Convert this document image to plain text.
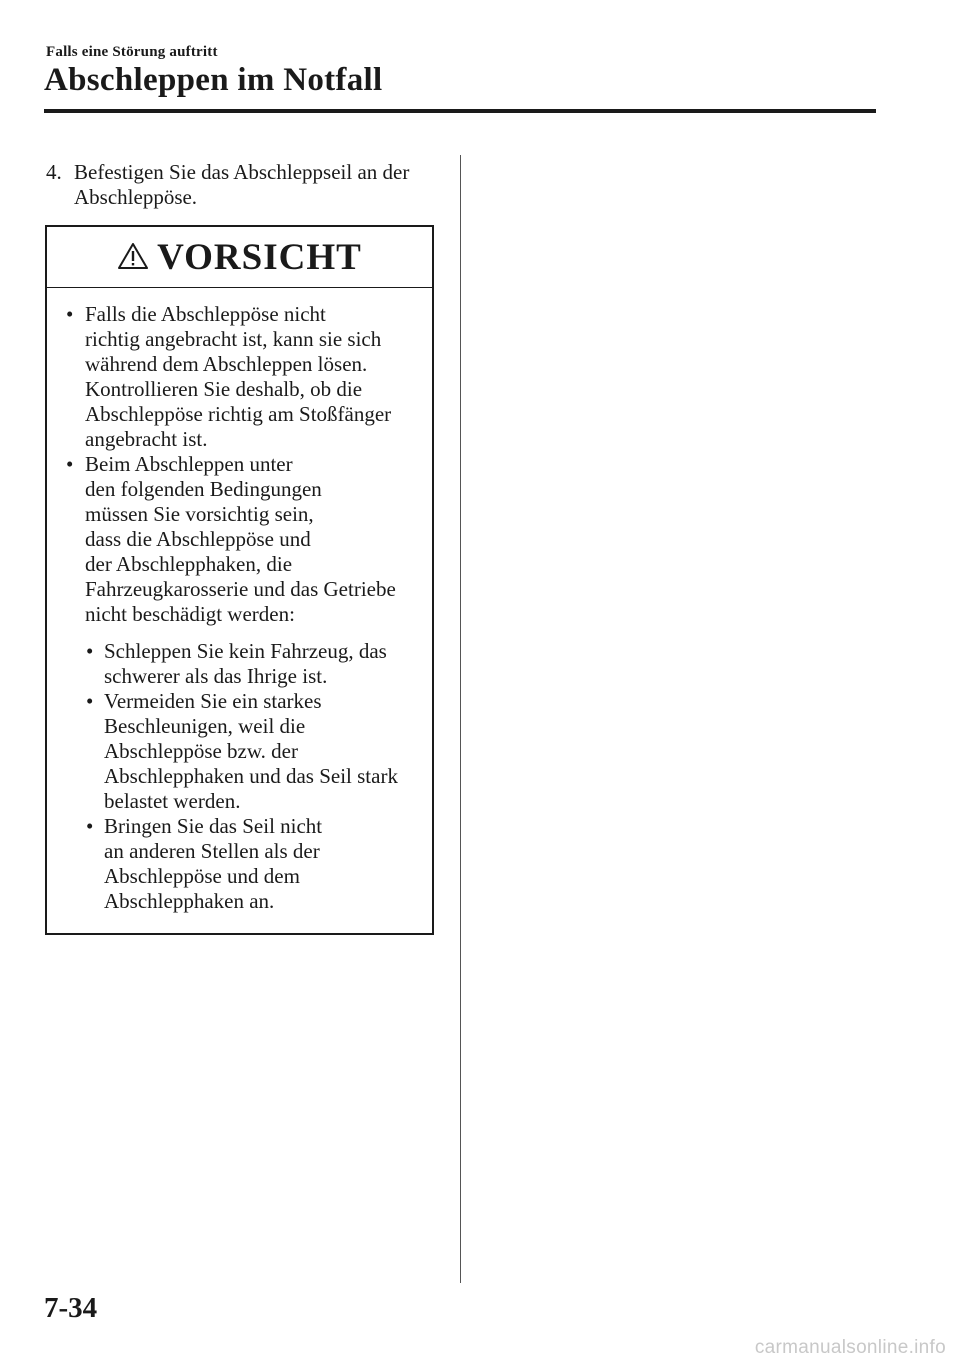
Falls eine Störung auftritt
Abschleppen im Notfall
4. Befestigen Sie das Abschleppseil an der
Abschleppöse.
VORSICHT
• Falls die Abschleppöse nicht
richtig angebracht ist, kann sie sich
während dem Abschleppen lösen.
Kontrollieren Sie deshalb, ob die
Abschleppöse richtig am Stoßfänger
angebracht ist.
• Beim Abschleppen unter
den folgenden Bedingungen
müssen Sie vorsichtig sein,
dass die Abschleppöse und
der Abschlepphaken, die
Fahrzeugkarosserie und das Getriebe
nicht beschädigt werden:
• Schleppen Sie kein Fahrzeug, das
schwerer als das Ihrige ist.
• Vermeiden Sie ein starkes
Beschleunigen, weil die
Abschleppöse bzw. der
Abschlepphaken und das Seil stark
belastet werden.
• Bringen Sie das Seil nicht
an anderen Stellen als der
Abschleppöse und dem
Abschlepphaken an.
7-34
carmanualsonline.info
